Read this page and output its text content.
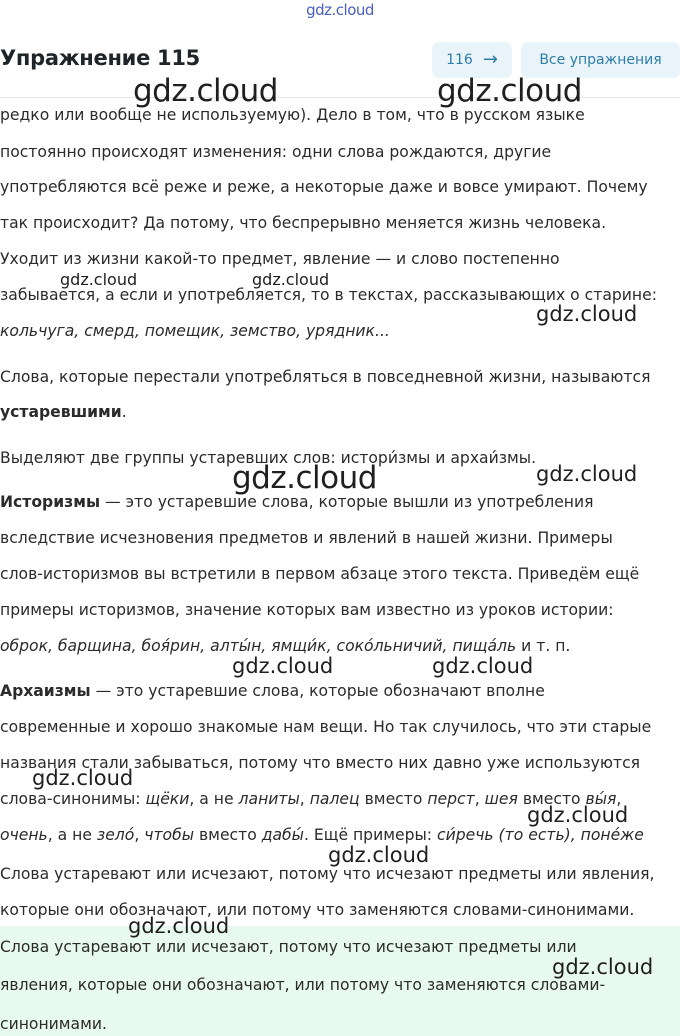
gdz.cloud
Упражнение 115	116 →	Все упражнения
редко или вообще не используемую). Дело в том, что в русском языке
постоянно происходят изменения: одни слова рождаются, другие
употребляются всё реже и реже, а некоторые даже и вовсе умирают. Почему
так происходит? Да потому, что беспрерывно меняется жизнь человека.
Уходит из жизни какой-то предмет, явление — и слово постепенно
забывается, а если и употребляется, то в текстах, рассказывающих о старине:
кольчуга, смерд, помещик, земство, урядник...
Слова, которые перестали употребляться в повседневной жизни, называются
устаревшими.
Выделяют две группы устаревших слов: истори́змы и архаи́змы.
Историзмы — это устаревшие слова, которые вышли из употребления
вследствие исчезновения предметов и явлений в нашей жизни. Примеры
слов-историзмов вы встретили в первом абзаце этого текста. Приведём ещё
примеры историзмов, значение которых вам известно из уроков истории:
оброк, барщина, боя́рин, алты́н, ямщи́к, соко́льничий, пища́ль и т. п.
Архаизмы — это устаревшие слова, которые обозначают вполне
современные и хорошо знакомые нам вещи. Но так случилось, что эти старые
названия стали забываться, потому что вместо них давно уже используются
слова-синонимы: щёки, а не ланиты, палец вместо перст, шея вместо вы́я,
очень, а не зело́, чтобы вместо дабы́. Ещё примеры: си́речь (то есть), поне́же
Слова устаревают или исчезают, потому что исчезают предметы или явления,
которые они обозначают, или потому что заменяются словами-синонимами.
Слова устаревают или исчезают, потому что исчезают предметы или
явления, которые они обозначают, или потому что заменяются словами-
синонимами.
gdz.cloud	gdz.cloud
gdz.cloud	gdz.cloud
gdz.cloud
gdz.cloud	gdz.cloud
gdz.cloud	gdz.cloud
gdz.cloud
gdz.cloud
gdz.cloud
gdz.cloud
gdz.cloud
